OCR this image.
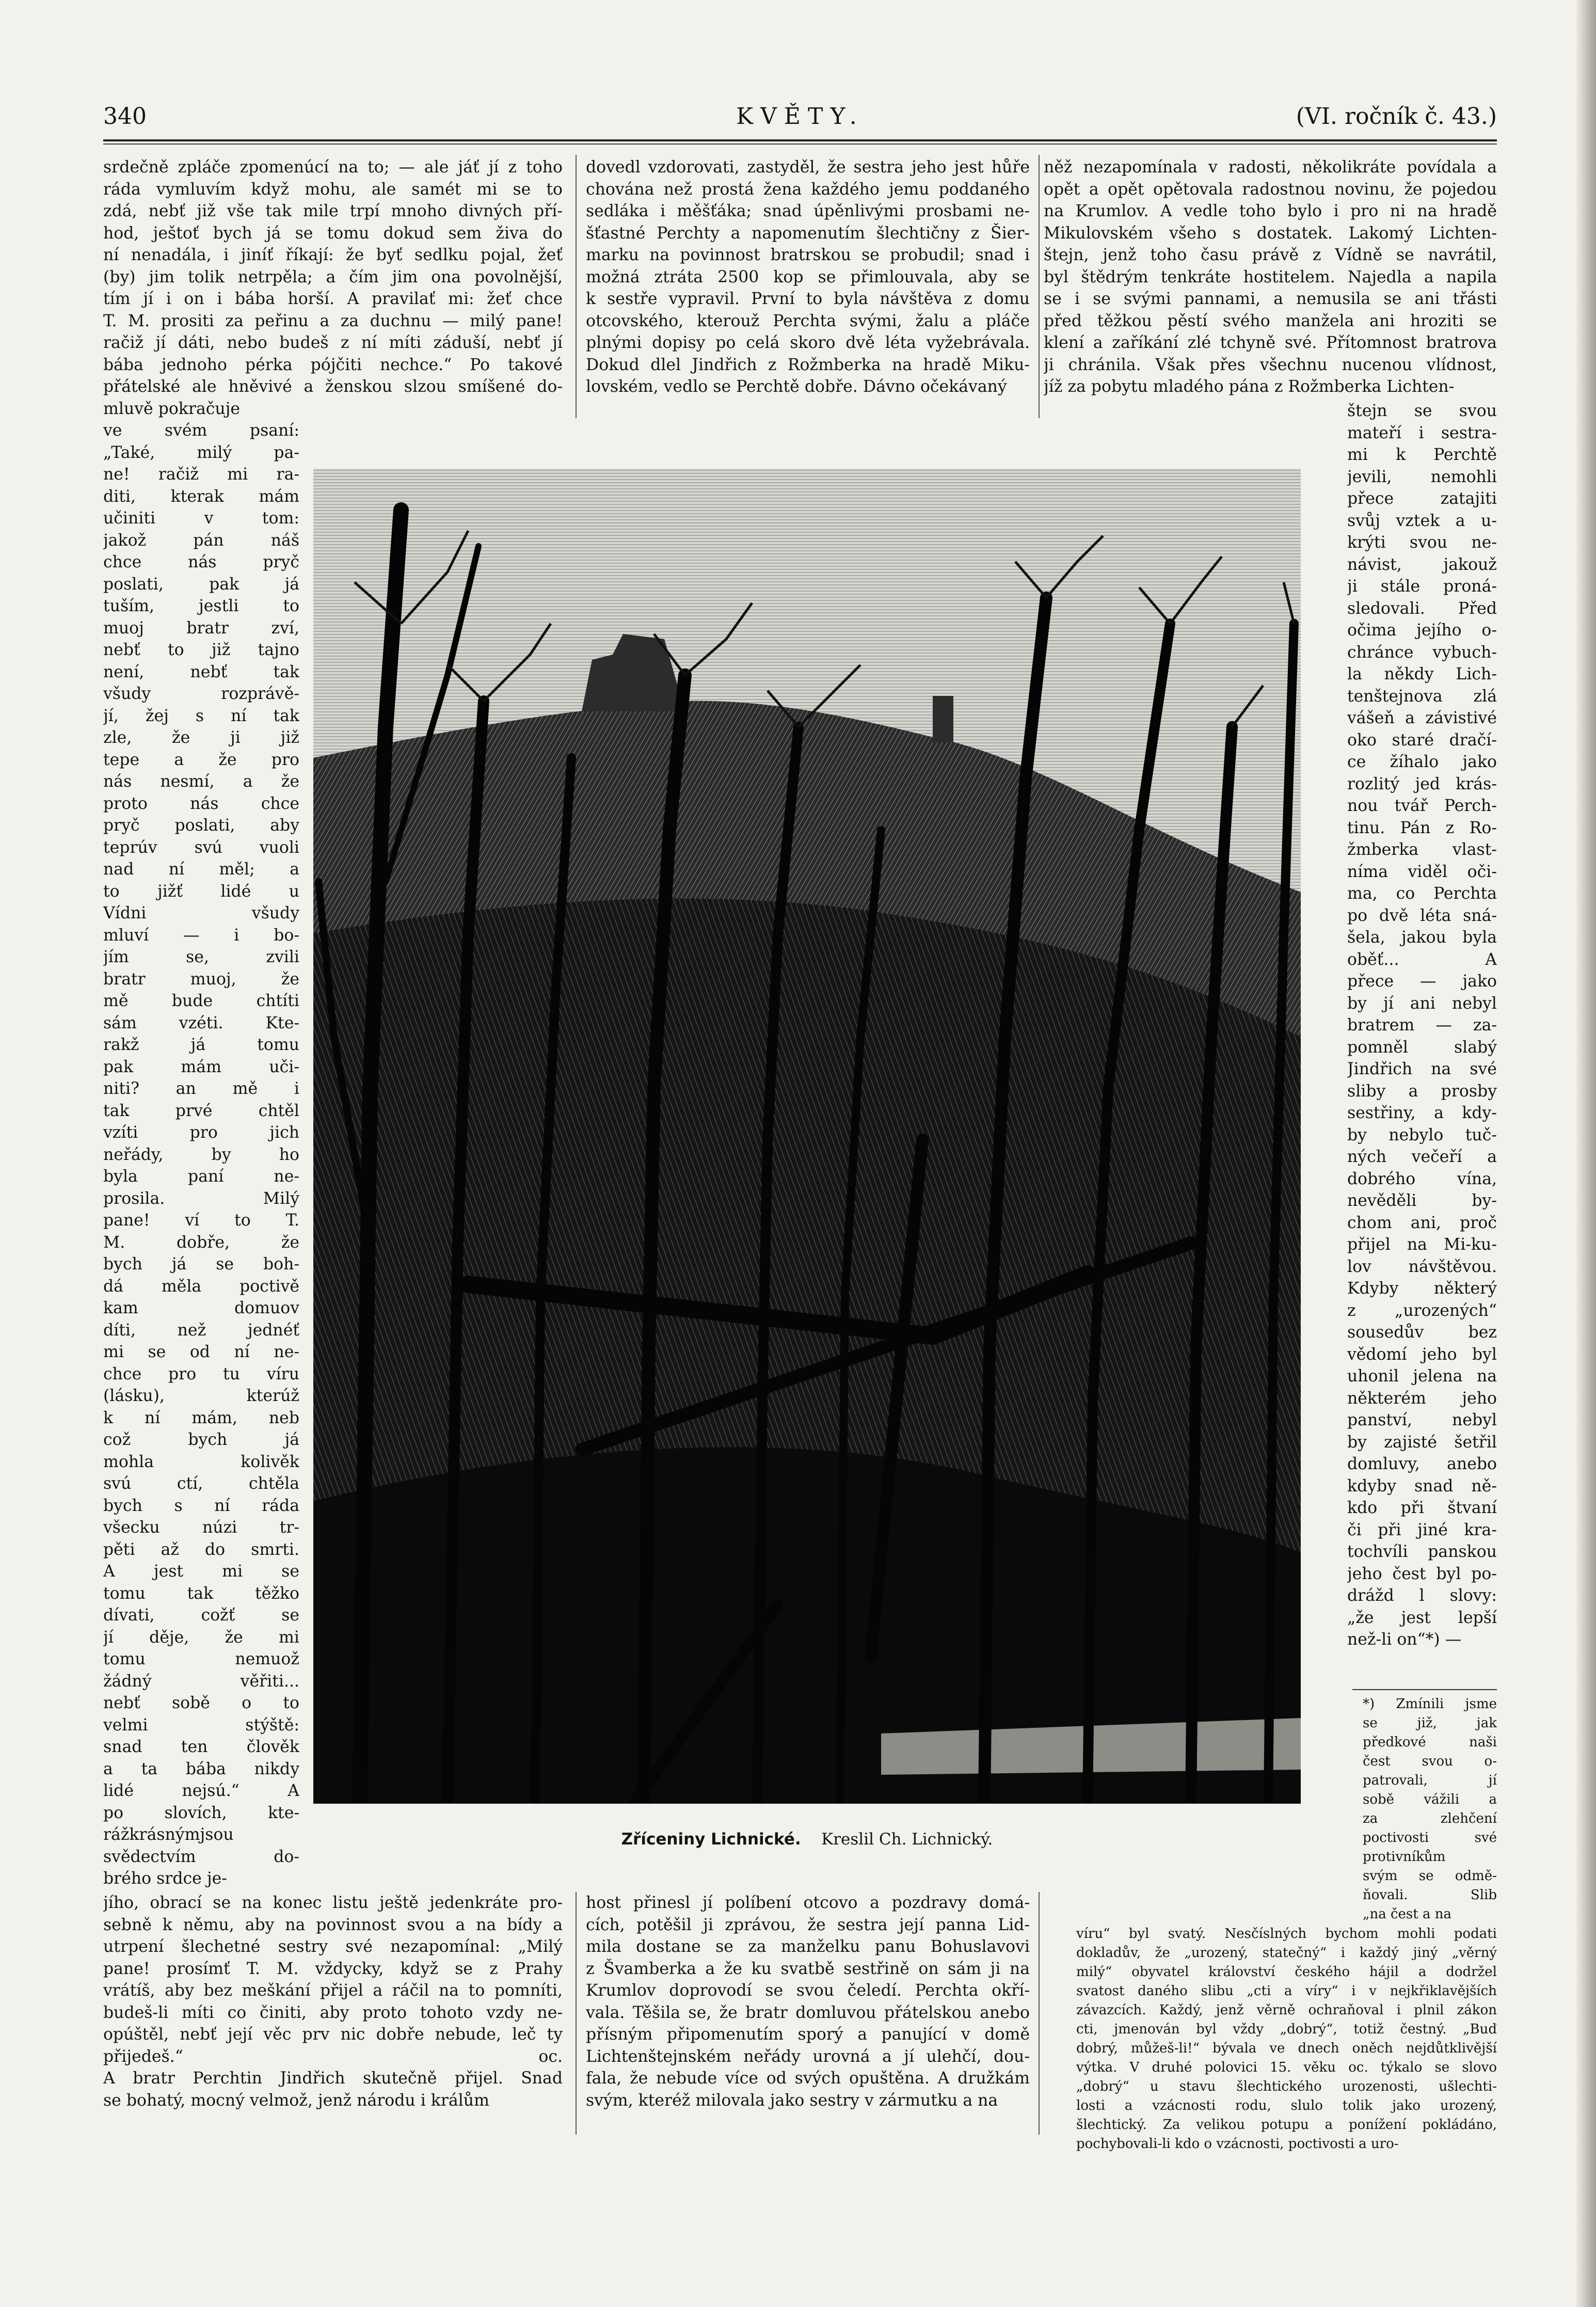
340	KVĚTY.	(VI. ročník č. 43.)
srdečně zpláče zpomenúcí na to; — ale jáť jí z toho
ráda vymluvím když mohu, ale samét mi se to
zdá, nebť již vše tak mile trpí mnoho divných pří-
hod, ještoť bych já se tomu dokud sem živa do
ní nenadála, i jiníť říkají: že byť sedlku pojal, žeť
(by) jim tolik netrpěla; a čím jim ona povolnější,
tím jí i on i bába horší. A pravilať mi: žeť chce
T. M. prositi za peřinu a za duchnu — milý pane!
račiž jí dáti, nebo budeš z ní míti záduší, nebť jí
bába jednoho pérka pójčiti nechce.“ Po takové
přátelské ale hněvivé a ženskou slzou smíšené do-
mluvě pokračuje
ve svém psaní:
„Také, milý pa-
ne! račiž mi ra-
diti, kterak mám
učiniti v tom:
jakož pán náš
chce nás pryč
poslati, pak já
tuším, jestli to
muoj bratr zví,
nebť to již tajno
není, nebť tak
všudy rozprávě-
jí, žej s ní tak
zle, že ji již
tepe a že pro
nás nesmí, a že
proto nás chce
pryč poslati, aby
teprúv svú vuoli
nad ní měl; a
to jižť lidé u
Vídni všudy
mluví — i bo-
jím se, zvili
bratr muoj, že
mě bude chtíti
sám vzéti. Kte-
rakž já tomu
pak mám uči-
niti? an mě i
tak prvé chtěl
vzíti pro jich
neřády, by ho
byla paní ne-
prosila. Milý
pane! ví to T.
M. dobře, že
bych já se boh-
dá měla poctivě
kam domuov
díti, než jednéť
mi se od ní ne-
chce pro tu víru
(lásku), kterúž
k ní mám, neb
což bych já
mohla kolivěk
svú ctí, chtěla
bych s ní ráda
všecku núzi tr-
pěti až do smrti.
A jest mi se
tomu tak těžko
dívati, cožť se
jí děje, že mi
tomu nemuož
žádný věřiti...
nebť sobě o to
velmi stýště:
snad ten člověk
a ta bába nikdy
lidé nejsú.“ A
po slovích, kte-
rážkrásnýmjsou
svědectvím do-
brého srdce je-
jího, obrací se na konec listu ještě jedenkráte pro-
sebně k němu, aby na povinnost svou a na bídy a
utrpení šlechetné sestry své nezapomínal: „Milý
pane! prosímť T. M. vždycky, když se z Prahy
vrátíš, aby bez meškání přijel a ráčil na to pomníti,
budeš-li míti co činiti, aby proto tohoto vzdy ne-
opúštěl, nebť její věc prv nic dobře nebude, leč ty
přijedeš.“ oc.
A bratr Perchtin Jindřich skutečně přijel. Snad
se bohatý, mocný velmož, jenž národu i králům
dovedl vzdorovati, zastyděl, že sestra jeho jest hůře
chována než prostá žena každého jemu poddaného
sedláka i měšťáka; snad úpěnlivými prosbami ne-
šťastné Perchty a napomenutím šlechtičny z Šier-
marku na povinnost bratrskou se probudil; snad i
možná ztráta 2500 kop se přimlouvala, aby se
k sestře vypravil. První to byla návštěva z domu
otcovského, kterouž Perchta svými, žalu a pláče
plnými dopisy po celá skoro dvě léta vyžebrávala.
Dokud dlel Jindřich z Rožmberka na hradě Miku-
lovském, vedlo se Perchtě dobře. Dávno očekávaný
host přinesl jí políbení otcovo a pozdravy domá-
cích, potěšil ji zprávou, že sestra její panna Lid-
mila dostane se za manželku panu Bohuslavovi
z Švamberka a že ku svatbě sestřině on sám ji na
Krumlov doprovodí se svou čeledí. Perchta okří-
vala. Těšila se, že bratr domluvou přátelskou anebo
přísným připomenutím sporý a panující v domě
Lichtenštejnském neřády urovná a jí ulehčí, dou-
fala, že nebude více od svých opuštěna. A družkám
svým, kteréž milovala jako sestry v zármutku a na
něž nezapomínala v radosti, několikráte povídala a
opět a opět opětovala radostnou novinu, že pojedou
na Krumlov. A vedle toho bylo i pro ni na hradě
Mikulovském všeho s dostatek. Lakomý Lichten-
štejn, jenž toho času právě z Vídně se navrátil,
byl štědrým tenkráte hostitelem. Najedla a napila
se i se svými pannami, a nemusila se ani třásti
před těžkou pěstí svého manžela ani hroziti se
klení a zaříkání zlé tchyně své. Přítomnost bratrova
ji chránila. Však přes všechnu nucenou vlídnost,
jíž za pobytu mladého pána z Rožmberka Lichten-
štejn se svou
mateří i sestra-
mi k Perchtě
jevili, nemohli
přece zatajiti
svůj vztek a u-
krýti svou ne-
návist, jakouž
ji stále proná-
sledovali. Před
očima jejího o-
chránce vybuch-
la někdy Lich-
tenštejnova zlá
vášeň a závistivé
oko staré dračí-
ce žíhalo jako
rozlitý jed krás-
nou tvář Perch-
tinu. Pán z Ro-
žmberka vlast-
níma viděl oči-
ma, co Perchta
po dvě léta sná-
šela, jakou byla
oběť... A
přece — jako
by jí ani nebyl
bratrem — za-
pomněl slabý
Jindřich na své
sliby a prosby
sestřiny, a kdy-
by nebylo tuč-
ných večeří a
dobrého vína,
nevěděli by-
chom ani, proč
přijel na Mi-ku-
lov návštěvou.
Kdyby některý
z „urozených“
sousedův bez
vědomí jeho byl
uhonil jelena na
některém jeho
panství, nebyl
by zajisté šetřil
domluvy, anebo
kdyby snad ně-
kdo při štvaní
či při jiné kra-
tochvíli panskou
jeho čest byl po-
drážd l slovy:
„že jest lepší
než-li on“*) —
*) Zmínili jsme
se již, jak
předkové naši
čest svou o-
patrovali, jí
sobě vážili a
za zlehčení
poctivosti své
protivníkům
svým se odmě-
ňovali. Slib
„na čest a na
víru“ byl svatý. Nesčíslných bychom mohli podati
dokladův, že „urozený, statečný“ i každý jiný „věrný
milý“ obyvatel království českého hájil a dodržel
svatost daného slibu „cti a víry“ i v nejkřiklavějších
závazcích. Každý, jenž věrně ochraňoval i plnil zákon
cti, jmenován byl vždy „dobrý“, totiž čestný. „Buď
dobrý, můžeš-li!“ bývala ve dnech oněch nejdůtklivější
výtka. V druhé polovici 15. věku oc. týkalo se slovo
„dobrý“ u stavu šlechtického urozenosti, ušlechti-
losti a vzácnosti rodu, slulo tolik jako urozený,
šlechtický. Za velikou potupu a ponížení pokládáno,
pochybovali-li kdo o vzácnosti, poctivosti a uro-
Zříceniny Lichnické. Kreslil Ch. Lichnický.
